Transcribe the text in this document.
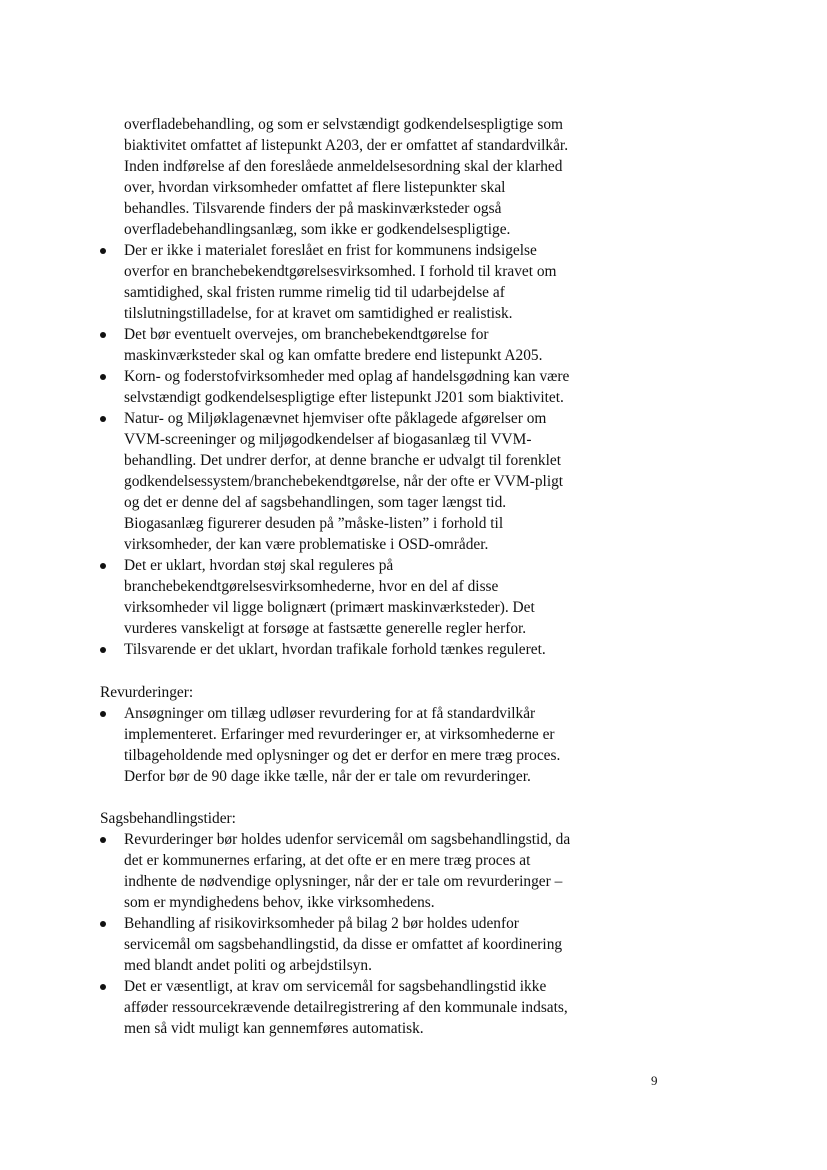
overfladebehandling, og som er selvstændigt godkendelsespligtige som
biaktivitet omfattet af listepunkt A203, der er omfattet af standardvilkår.
Inden indførelse af den foreslåede anmeldelsesordning skal der klarhed
over, hvordan virksomheder omfattet af flere listepunkter skal
behandles. Tilsvarende finders der på maskinværksteder også
overfladebehandlingsanlæg, som ikke er godkendelsespligtige.
Der er ikke i materialet foreslået en frist for kommunens indsigelse
overfor en branchebekendtgørelsesvirksomhed. I forhold til kravet om
samtidighed, skal fristen rumme rimelig tid til udarbejdelse af
tilslutningstilladelse, for at kravet om samtidighed er realistisk.
Det bør eventuelt overvejes, om branchebekendtgørelse for
maskinværksteder skal og kan omfatte bredere end listepunkt A205.
Korn- og foderstofvirksomheder med oplag af handelsgødning kan være
selvstændigt godkendelsespligtige efter listepunkt J201 som biaktivitet.
Natur- og Miljøklagenævnet hjemviser ofte påklagede afgørelser om
VVM-screeninger og miljøgodkendelser af biogasanlæg til VVM-
behandling. Det undrer derfor, at denne branche er udvalgt til forenklet
godkendelsessystem/branchebekendtgørelse, når der ofte er VVM-pligt
og det er denne del af sagsbehandlingen, som tager længst tid.
Biogasanlæg figurerer desuden på ”måske-listen” i forhold til
virksomheder, der kan være problematiske i OSD-områder.
Det er uklart, hvordan støj skal reguleres på
branchebekendtgørelsesvirksomhederne, hvor en del af disse
virksomheder vil ligge bolignært (primært maskinværksteder). Det
vurderes vanskeligt at forsøge at fastsætte generelle regler herfor.
Tilsvarende er det uklart, hvordan trafikale forhold tænkes reguleret.
Revurderinger:
Ansøgninger om tillæg udløser revurdering for at få standardvilkår
implementeret. Erfaringer med revurderinger er, at virksomhederne er
tilbageholdende med oplysninger og det er derfor en mere træg proces.
Derfor bør de 90 dage ikke tælle, når der er tale om revurderinger.
Sagsbehandlingstider:
Revurderinger bør holdes udenfor servicemål om sagsbehandlingstid, da
det er kommunernes erfaring, at det ofte er en mere træg proces at
indhente de nødvendige oplysninger, når der er tale om revurderinger –
som er myndighedens behov, ikke virksomhedens.
Behandling af risikovirksomheder på bilag 2 bør holdes udenfor
servicemål om sagsbehandlingstid, da disse er omfattet af koordinering
med blandt andet politi og arbejdstilsyn.
Det er væsentligt, at krav om servicemål for sagsbehandlingstid ikke
afføder ressourcekrævende detailregistrering af den kommunale indsats,
men så vidt muligt kan gennemføres automatisk.
9
